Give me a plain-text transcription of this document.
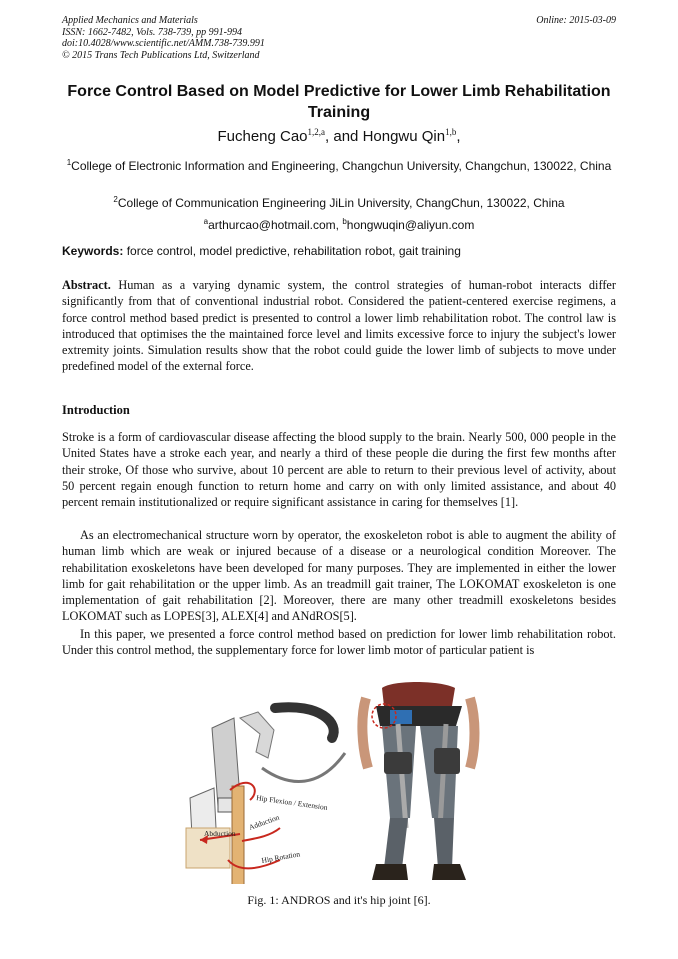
Applied Mechanics and Materials
ISSN: 1662-7482, Vols. 738-739, pp 991-994
doi:10.4028/www.scientific.net/AMM.738-739.991
© 2015 Trans Tech Publications Ltd, Switzerland
Online: 2015-03-09
Force Control Based on Model Predictive for Lower Limb Rehabilitation Training
Fucheng Cao$^{1,2,a}$, and Hongwu Qin$^{1,b}$,
$^1$College of Electronic Information and Engineering, Changchun University, Changchun, 130022, China
$^2$College of Communication Engineering JiLin University, ChangChun, 130022, China
$^a$arthurcao@hotmail.com, $^b$hongwuqin@aliyun.com
Keywords: force control, model predictive, rehabilitation robot, gait training
Abstract. Human as a varying dynamic system, the control strategies of human-robot interacts differ significantly from that of conventional industrial robot. Considered the patient-centered exercise regimens, a force control method based predict is presented to control a lower limb rehabilitation robot. The control law is introduced that optimises the the maintained force level and limits excessive force to injury the subject's lower extremity joints. Simulation results show that the robot could guide the lower limb of subjects to move under predefined model of the external force.
Introduction
Stroke is a form of cardiovascular disease affecting the blood supply to the brain. Nearly 500, 000 people in the United States have a stroke each year, and nearly a third of these people die during the first few months after their stroke, Of those who survive, about 10 percent are able to return to their previous level of activity, about 50 percent regain enough function to return home and carry on with only limited assistance, and about 40 percent remain institutionalized or require significant assistance in caring for themselves [1].
As an electromechanical structure worn by operator, the exoskeleton robot is able to augment the ability of human limb which are weak or injured because of a disease or a neurological condition Moreover. The rehabilitation exoskeletons have been developed for many purposes. They are implemented in either the lower limb for gait rehabilitation or the upper limb. As an treadmill gait trainer, The LOKOMAT exoskeleton is one implementation of gait rehabilitation [2]. Moreover, there are many other treadmill exoskeletons besides LOKOMAT such as LOPES[3], ALEX[4] and ANdROS[5].
In this paper, we presented a force control method based on prediction for lower limb rehabilitation robot. Under this control method, the supplementary force for lower limb motor of particular patient is
Hip Flexion / Extension
Abduction
Adduction
Hip Rotation
Fig. 1: ANDROS and it's hip joint [6].
